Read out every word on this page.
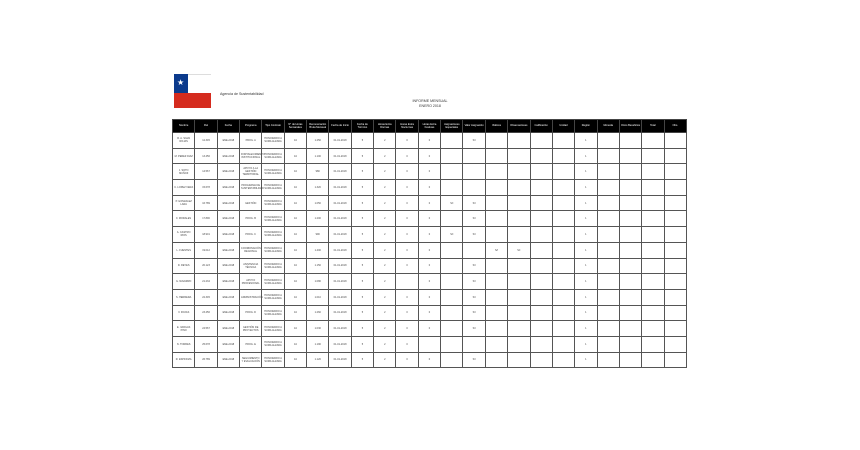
★
Agencia de Sustentabilidad
INFORME MENSUAL
ENERO 2018
Nombre	Rut	Fecha	Programa	Tipo Contrato	N° de Horas Semanales	Remuneración Bruta Mensual	Fecha de Inicio	Fecha de Término	Horas Extra Diurnas	Horas Extra Nocturnas	Horas Extra Festivas	Asignaciones Especiales	Valor Asignación	Viáticos	Observaciones	Calificación	Unidad	Región	Moneda	Otros Beneficios	Total	Obs.
R. A. SILVA ROJAS	12.345	ENE-2018	PROG. A	HONORARIO A SUMA ALZADA	44	1.250	01-01-2018	5	2	0	0		S/I					1				
M. PEREZ DIAZ	13.456	ENE-2018	FORTALECIMIENTO INSTITUCIONAL	HONORARIO A SUMA ALZADA	44	1.100	01-01-2018	5	2	0	0							1				
J. SOTO MUÑOZ	14.567	ENE-2018	APOYO A LA GESTIÓN TERRITORIAL	HONORARIO A SUMA ALZADA	44	980	01-01-2018	5	2	0	0							1				
C. LOPEZ VERA	15.678	ENE-2018	PROGRAMA DE SUSTENTABILIDAD	HONORARIO A SUMA ALZADA	44	1.320	01-01-2018	5	2	0	0							1				
P. GONZALEZ LARA	16.789	ENE-2018	GESTIÓN	HONORARIO A SUMA ALZADA	44	1.050	01-01-2018	5	2	0	0	S/I	S/I					1				
F. MORALES	17.890	ENE-2018	PROG. B	HONORARIO A SUMA ALZADA	44	1.200	01-01-2018	5	2	0	0		S/I					1				
A. CASTRO RIOS	18.901	ENE-2018	PROG. C	HONORARIO A SUMA ALZADA	44	990	01-01-2018	5	2	0	0	S/I	S/I					1				
L. FUENTES	19.012	ENE-2018	COORDINACIÓN REGIONAL	HONORARIO A SUMA ALZADA	44	1.400	01-01-2018	5	2	0	0			S/I	S/I			1				
D. REYES	20.123	ENE-2018	ASISTENCIA TÉCNICA	HONORARIO A SUMA ALZADA	44	1.150	01-01-2018	5	2	0	0		S/I					1				
G. NAVARRO	21.234	ENE-2018	APOYO PROFESIONAL	HONORARIO A SUMA ALZADA	44	1.080	01-01-2018	5	2		0		S/I					1				
S. HERRERA	22.345	ENE-2018	ADMINISTRACIÓN	HONORARIO A SUMA ALZADA	44	1.010	01-01-2018	5	2	0	0		S/I					1				
V. ROJAS	23.456	ENE-2018	PROG. D	HONORARIO A SUMA ALZADA	44	1.260	01-01-2018	5	2	0	0		S/I					1				
E. VARGAS PINO	24.567	ENE-2018	GESTIÓN DE PROYECTOS	HONORARIO A SUMA ALZADA	44	1.030	01-01-2018	5	2	0	0		S/I					1				
N. TORRES	25.678	ENE-2018	PROG. E	HONORARIO A SUMA ALZADA	44	1.190	01-01-2018	5	2	0								1				
R. ESPINOZA	26.789	ENE-2018	SEGUIMIENTO Y EVALUACIÓN	HONORARIO A SUMA ALZADA	44	1.120	01-01-2018	5	2	0	0		S/I					1				
